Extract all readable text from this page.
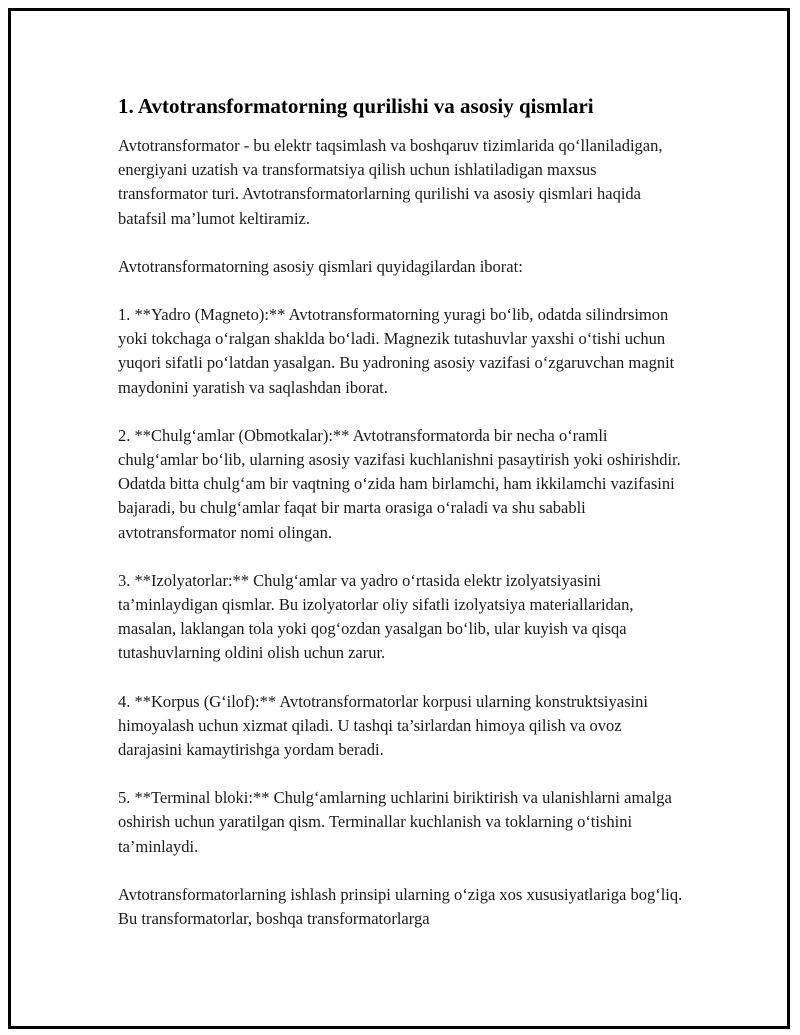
1. Avtotransformatorning qurilishi va asosiy qismlari

Avtotransformator - bu elektr taqsimlash va boshqaruv tizimlarida qo‘llaniladigan, energiyani uzatish va transformatsiya qilish uchun ishlatiladigan maxsus transformator turi. Avtotransformatorlarning qurilishi va asosiy qismlari haqida batafsil ma’lumot keltiramiz.

Avtotransformatorning asosiy qismlari quyidagilardan iborat:

1. **Yadro (Magneto):** Avtotransformatorning yuragi bo‘lib, odatda silindrsimon yoki tokchaga o‘ralgan shaklda bo‘ladi. Magnezik tutashuvlar yaxshi o‘tishi uchun yuqori sifatli po‘latdan yasalgan. Bu yadroning asosiy vazifasi o‘zgaruvchan magnit maydonini yaratish va saqlashdan iborat.

2. **Chulg‘amlar (Obmotkalar):** Avtotransformatorda bir necha o‘ramli chulg‘amlar bo‘lib, ularning asosiy vazifasi kuchlanishni pasaytirish yoki oshirishdir. Odatda bitta chulg‘am bir vaqtning o‘zida ham birlamchi, ham ikkilamchi vazifasini bajaradi, bu chulg‘amlar faqat bir marta orasiga o‘raladi va shu sababli avtotransformator nomi olingan.

3. **Izolyatorlar:** Chulg‘amlar va yadro o‘rtasida elektr izolyatsiyasini ta’minlaydigan qismlar. Bu izolyatorlar oliy sifatli izolyatsiya materiallaridan, masalan, laklangan tola yoki qog‘ozdan yasalgan bo‘lib, ular kuyish va qisqa tutashuvlarning oldini olish uchun zarur.

4. **Korpus (G‘ilof):** Avtotransformatorlar korpusi ularning konstruktsiyasini himoyalash uchun xizmat qiladi. U tashqi ta’sirlardan himoya qilish va ovoz darajasini kamaytirishga yordam beradi.

5. **Terminal bloki:** Chulg‘amlarning uchlarini biriktirish va ulanishlarni amalga oshirish uchun yaratilgan qism. Terminallar kuchlanish va toklarning o‘tishini ta’minlaydi.

Avtotransformatorlarning ishlash prinsipi ularning o‘ziga xos xususiyatlariga bog‘liq. Bu transformatorlar, boshqa transformatorlarga
